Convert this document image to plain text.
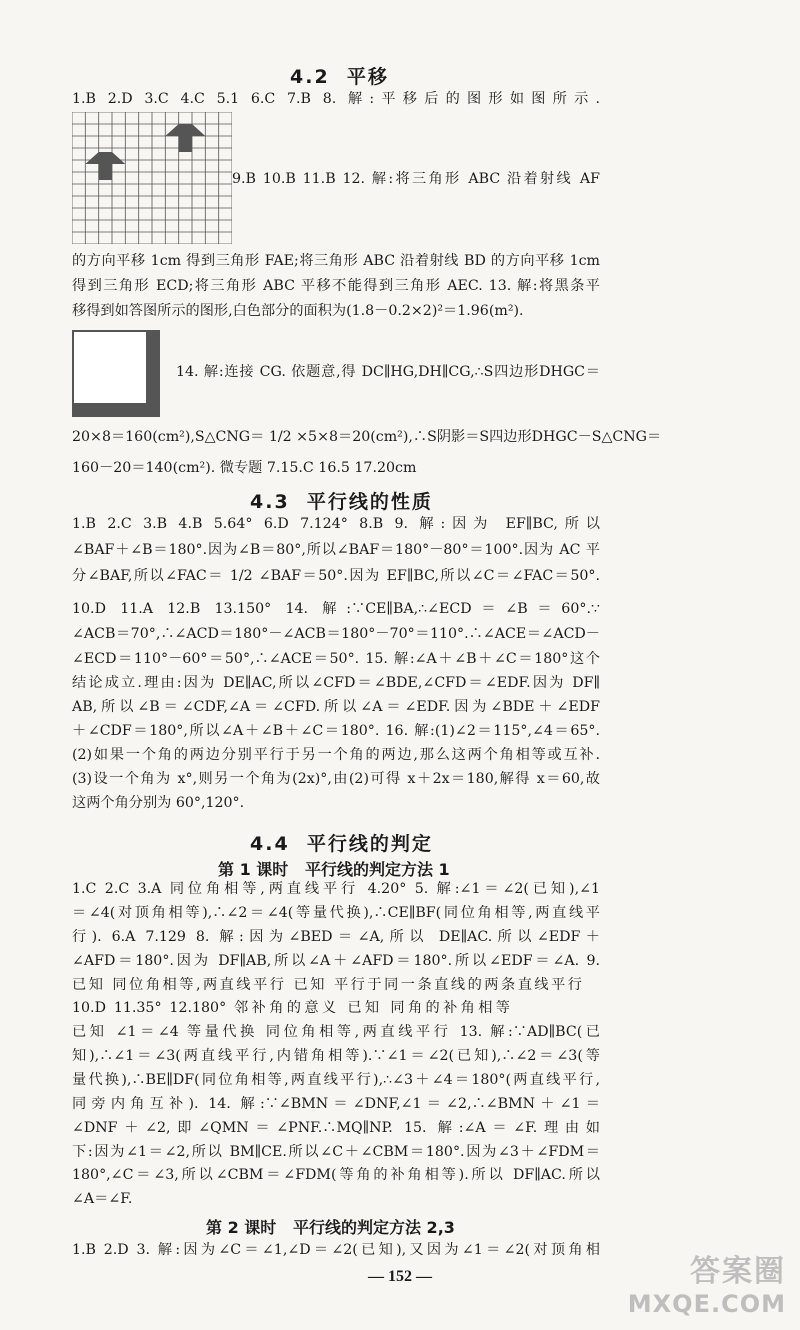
4.2  平移
1.B 2.D 3.C 4.C 5.1 6.C 7.B 8. 解:平移后的图形如图所示.
9.B 10.B 11.B 12. 解:将三角形 ABC 沿着射线 AF
的方向平移 1cm 得到三角形 FAE;将三角形 ABC 沿着射线 BD 的方向平移 1cm
得到三角形 ECD;将三角形 ABC 平移不能得到三角形 AEC. 13. 解:将黑条平
移得到如答图所示的图形,白色部分的面积为(1.8－0.2×2)²＝1.96(m²).
14. 解:连接 CG. 依题意,得 DC∥HG,DH∥CG,∴S四边形DHGC＝
20×8＝160(cm²),S△CNG＝ 1/2 ×5×8＝20(cm²),∴S阴影＝S四边形DHGC－S△CNG＝
160－20＝140(cm²). 微专题 7.15.C 16.5 17.20cm
4.3  平行线的性质
1.B 2.C 3.B 4.B 5.64° 6.D 7.124° 8.B 9. 解:因为 EF∥BC,所以
∠BAF＋∠B＝180°.因为∠B＝80°,所以∠BAF＝180°－80°＝100°.因为 AC 平
分∠BAF,所以∠FAC＝ 1/2 ∠BAF＝50°.因为 EF∥BC,所以∠C＝∠FAC＝50°.
10.D 11.A 12.B 13.150° 14. 解:∵CE∥BA,∴∠ECD＝∠B＝60°.∵
∠ACB＝70°,∴∠ACD＝180°－∠ACB＝180°－70°＝110°.∴∠ACE＝∠ACD－
∠ECD＝110°－60°＝50°,∴∠ACE＝50°. 15. 解:∠A＋∠B＋∠C＝180°这个
结论成立.理由:因为 DE∥AC,所以∠CFD＝∠BDE,∠CFD＝∠EDF.因为 DF∥
AB,所以∠B＝∠CDF,∠A＝∠CFD.所以∠A＝∠EDF.因为∠BDE＋∠EDF
＋∠CDF＝180°,所以∠A＋∠B＋∠C＝180°. 16. 解:(1)∠2＝115°,∠4＝65°.
(2)如果一个角的两边分别平行于另一个角的两边,那么这两个角相等或互补.
(3)设一个角为 x°,则另一个角为(2x)°,由(2)可得 x＋2x＝180,解得 x＝60,故
这两个角分别为 60°,120°.
4.4  平行线的判定
第 1 课时   平行线的判定方法 1
1.C 2.C 3.A 同位角相等,两直线平行 4.20° 5. 解:∠1＝∠2(已知),∠1
＝∠4(对顶角相等),∴∠2＝∠4(等量代换),∴CE∥BF(同位角相等,两直线平
行). 6.A 7.129 8. 解:因为∠BED＝∠A,所以 DE∥AC.所以∠EDF＋
∠AFD＝180°.因为 DF∥AB,所以∠A＋∠AFD＝180°.所以∠EDF＝∠A. 9.
已知 同位角相等,两直线平行 已知 平行于同一条直线的两条直线平行
10.D 11.35° 12.180° 邻补角的意义 已知 同角的补角相等
已知 ∠1＝∠4 等量代换 同位角相等,两直线平行 13. 解:∵AD∥BC(已
知),∴∠1＝∠3(两直线平行,内错角相等).∵∠1＝∠2(已知),∴∠2＝∠3(等
量代换),∴BE∥DF(同位角相等,两直线平行),∴∠3＋∠4＝180°(两直线平行,
同旁内角互补). 14. 解:∵∠BMN＝∠DNF,∠1＝∠2,∴∠BMN＋∠1＝
∠DNF＋∠2,即∠QMN＝∠PNF.∴MQ∥NP. 15. 解:∠A＝∠F.理由如
下:因为∠1＝∠2,所以 BM∥CE.所以∠C＋∠CBM＝180°.因为∠3＋∠FDM＝
180°,∠C＝∠3,所以∠CBM＝∠FDM(等角的补角相等).所以 DF∥AC.所以
∠A＝∠F.
第 2 课时   平行线的判定方法 2,3
1.B 2.D 3. 解:因为∠C＝∠1,∠D＝∠2(已知),又因为∠1＝∠2(对顶角相
— 152 —	答案圈
MXQE.COM
